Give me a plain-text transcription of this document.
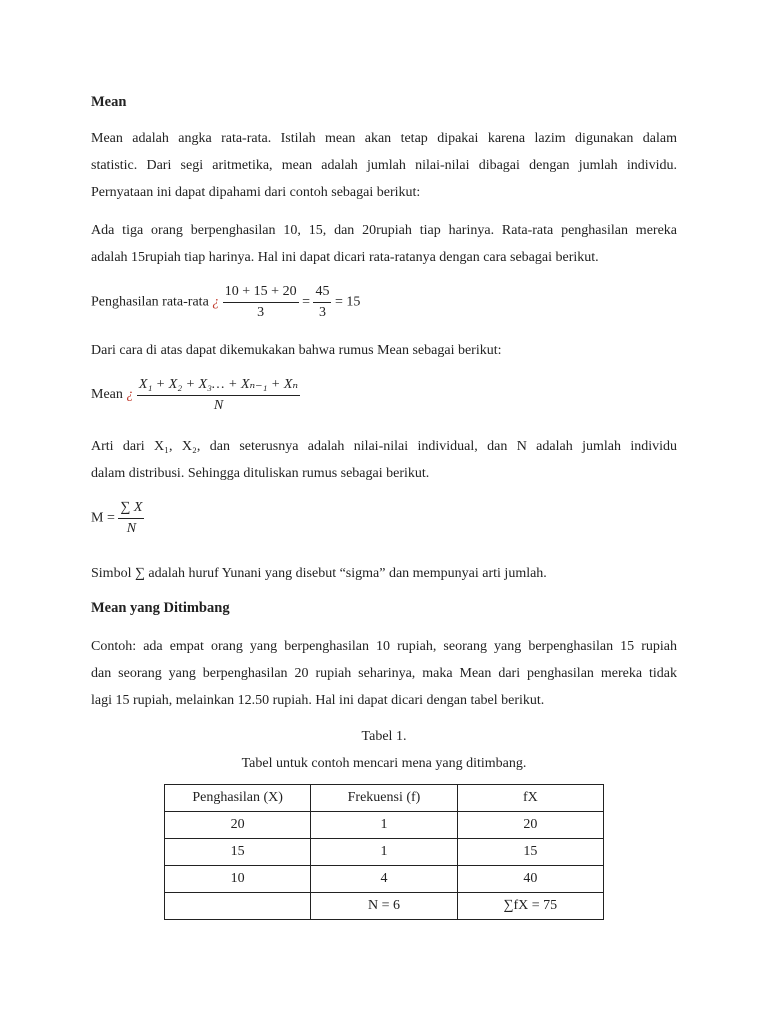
Mean

Mean adalah angka rata-rata. Istilah mean akan tetap dipakai karena lazim digunakan dalam
statistic. Dari segi aritmetika, mean adalah jumlah nilai-nilai dibagai dengan jumlah individu.
Pernyataan ini dapat dipahami dari contoh sebagai berikut:

Ada tiga orang berpenghasilan 10, 15, dan 20rupiah tiap harinya. Rata-rata penghasilan mereka
adalah 15rupiah tiap harinya. Hal ini dapat dicari rata-ratanya dengan cara sebagai berikut.

Penghasilan rata-rata ¿ $\frac{10 + 15 + 20}{3} = \frac{45}{3} = 15$

Dari cara di atas dapat dikemukakan bahwa rumus Mean sebagai berikut:

Mean ¿ $\frac{\text{X₁ + X₂ + X₃… + Xₙ₋₁ + Xₙ}}{N}$

Arti dari X₁, X₂, dan seterusnya adalah nilai-nilai individual, dan N adalah jumlah individu
dalam distribusi. Sehingga dituliskan rumus sebagai berikut.

$M = \frac{\sum X}{N}$

Simbol ∑ adalah huruf Yunani yang disebut “sigma” dan mempunyai arti jumlah.

Mean yang Ditimbang

Contoh: ada empat orang yang berpenghasilan 10 rupiah, seorang yang berpenghasilan 15 rupiah
dan seorang yang berpenghasilan 20 rupiah seharinya, maka Mean dari penghasilan mereka tidak
lagi 15 rupiah, melainkan 12.50 rupiah. Hal ini dapat dicari dengan tabel berikut.

Tabel 1.
Tabel untuk contoh mencari mena yang ditimbang.
Penghasilan (X)	Frekuensi (f)	fX
20	1	20
15	1	15
10	4	40
	N = 6	∑fX = 75
